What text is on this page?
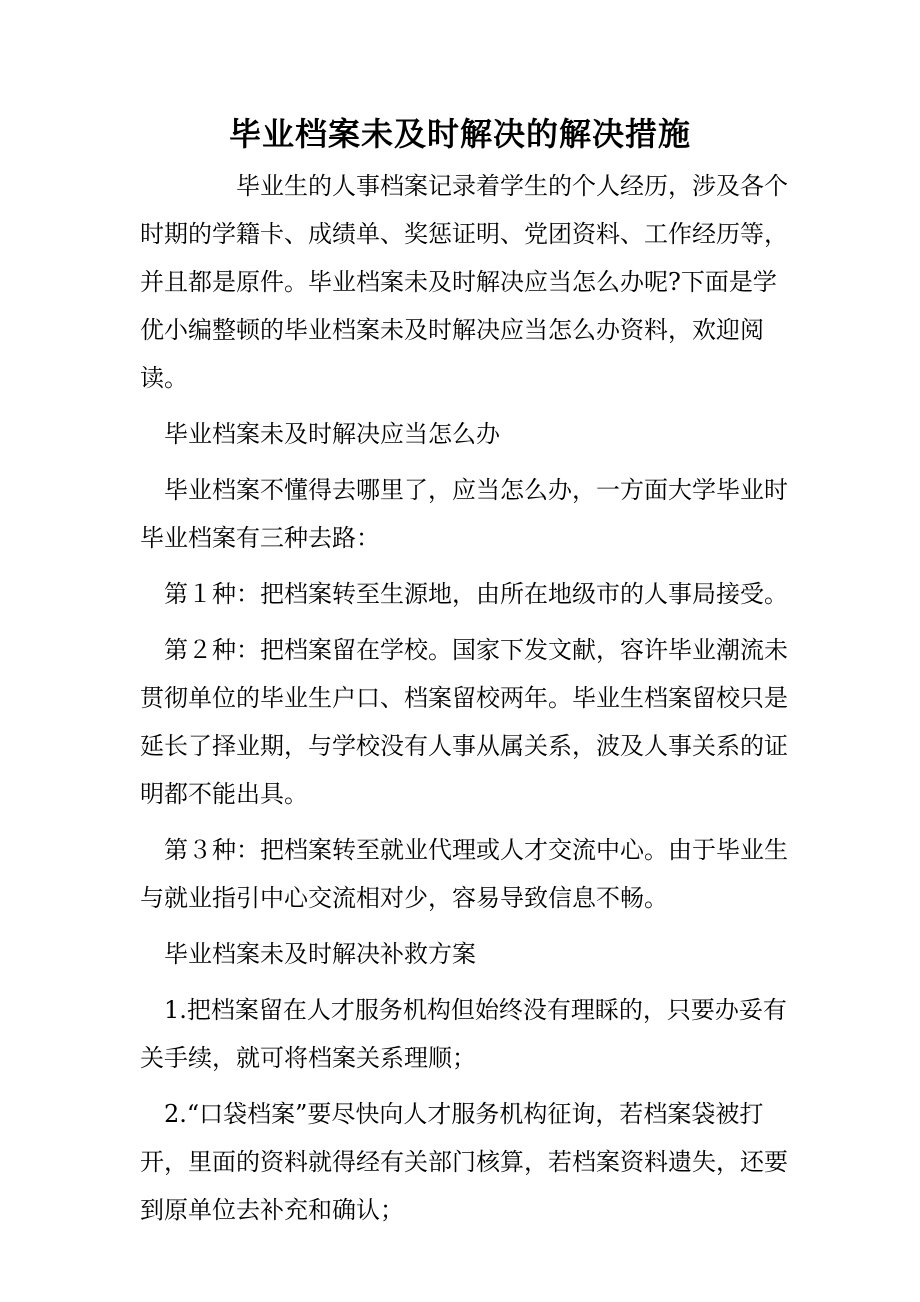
毕业档案未及时解决的解决措施

毕业生的人事档案记录着学生的个人经历，涉及各个时期的学籍卡、成绩单、奖惩证明、党团资料、工作经历等，并且都是原件。毕业档案未及时解决应当怎么办呢?下面是学优小编整顿的毕业档案未及时解决应当怎么办资料，欢迎阅读。

毕业档案未及时解决应当怎么办

毕业档案不懂得去哪里了，应当怎么办，一方面大学毕业时毕业档案有三种去路：

第１种：把档案转至生源地，由所在地级市的人事局接受。

第２种：把档案留在学校。国家下发文献，容许毕业潮流未贯彻单位的毕业生户口、档案留校两年。毕业生档案留校只是延长了择业期，与学校没有人事从属关系，波及人事关系的证明都不能出具。

第３种：把档案转至就业代理或人才交流中心。由于毕业生与就业指引中心交流相对少，容易导致信息不畅。

毕业档案未及时解决补救方案

1.把档案留在人才服务机构但始终没有理睬的，只要办妥有关手续，就可将档案关系理顺；

2.“口袋档案”要尽快向人才服务机构征询，若档案袋被打开，里面的资料就得经有关部门核算，若档案资料遗失，还要到原单位去补充和确认；
